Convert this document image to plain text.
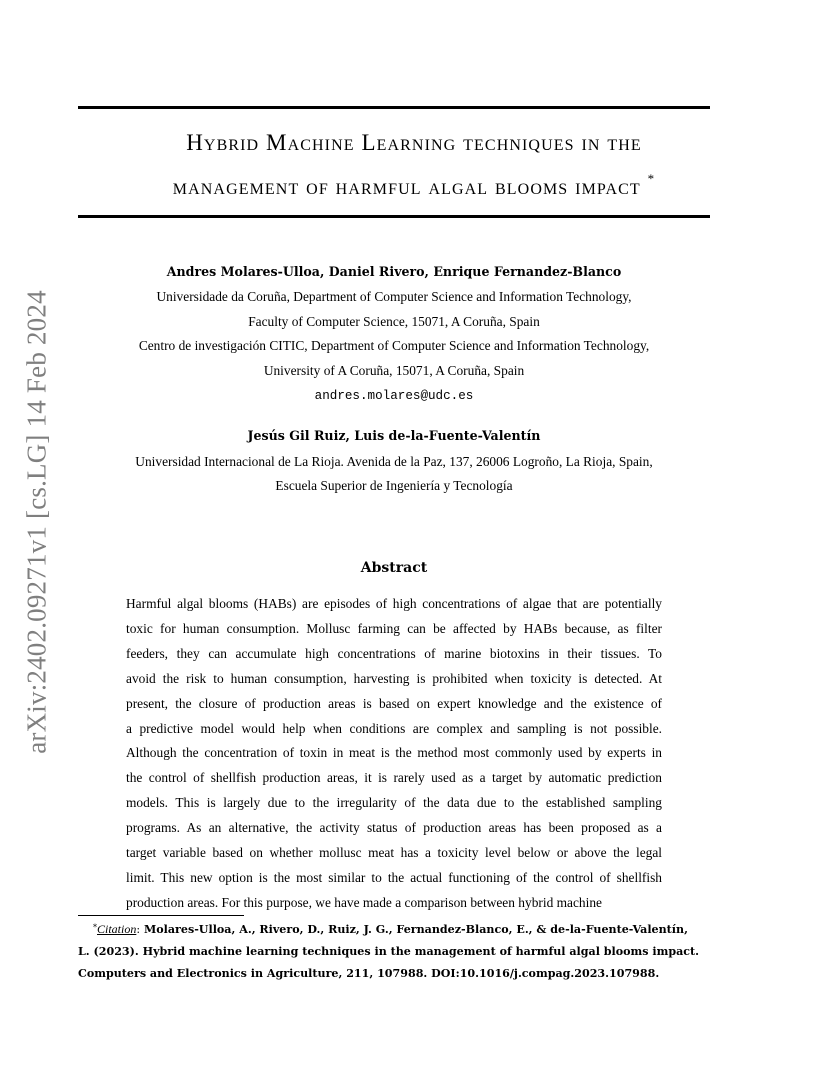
arXiv:2402.09271v1 [cs.LG] 14 Feb 2024
Hybrid Machine Learning techniques in the
management of harmful algal blooms impact *
Andres Molares-Ulloa, Daniel Rivero, Enrique Fernandez-Blanco
Universidade da Coruña, Department of Computer Science and Information Technology,
Faculty of Computer Science, 15071, A Coruña, Spain
Centro de investigación CITIC, Department of Computer Science and Information Technology,
University of A Coruña, 15071, A Coruña, Spain
andres.molares@udc.es
Jesús Gil Ruiz, Luis de-la-Fuente-Valentín
Universidad Internacional de La Rioja. Avenida de la Paz, 137, 26006 Logroño, La Rioja, Spain,
Escuela Superior de Ingeniería y Tecnología
Abstract
Harmful algal blooms (HABs) are episodes of high concentrations of algae that are potentially
toxic for human consumption. Mollusc farming can be affected by HABs because, as filter
feeders, they can accumulate high concentrations of marine biotoxins in their tissues. To
avoid the risk to human consumption, harvesting is prohibited when toxicity is detected. At
present, the closure of production areas is based on expert knowledge and the existence of
a predictive model would help when conditions are complex and sampling is not possible.
Although the concentration of toxin in meat is the method most commonly used by experts in
the control of shellfish production areas, it is rarely used as a target by automatic prediction
models. This is largely due to the irregularity of the data due to the established sampling
programs. As an alternative, the activity status of production areas has been proposed as a
target variable based on whether mollusc meat has a toxicity level below or above the legal
limit. This new option is the most similar to the actual functioning of the control of shellfish
production areas. For this purpose, we have made a comparison between hybrid machine
*Citation: Molares-Ulloa, A., Rivero, D., Ruiz, J. G., Fernandez-Blanco, E., & de-la-Fuente-Valentín,
L. (2023). Hybrid machine learning techniques in the management of harmful algal blooms impact.
Computers and Electronics in Agriculture, 211, 107988. DOI:10.1016/j.compag.2023.107988.
